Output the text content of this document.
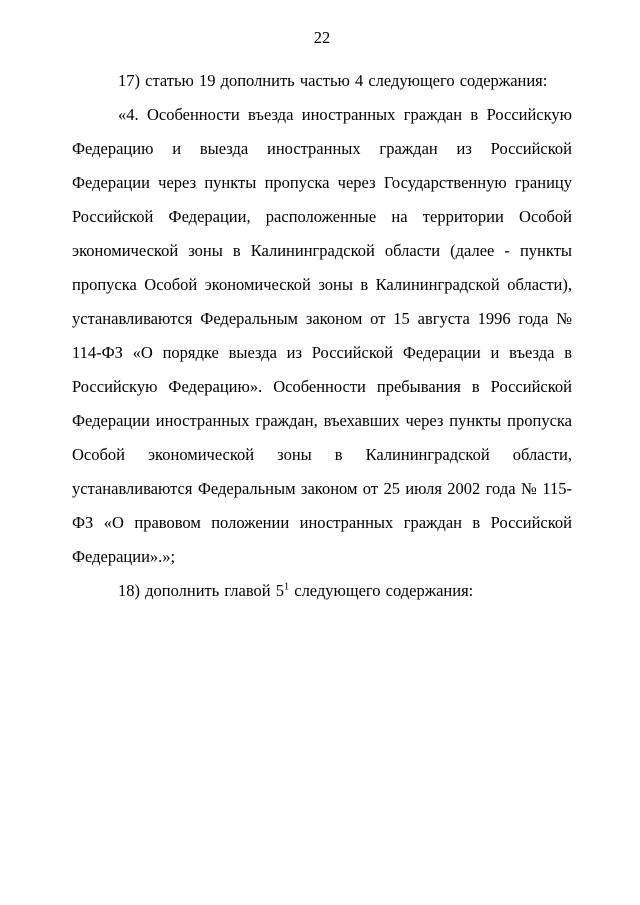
22

17) статью 19 дополнить частью 4 следующего содержания:

«4. Особенности въезда иностранных граждан в Российскую Федерацию и выезда иностранных граждан из Российской Федерации через пункты пропуска через Государственную границу Российской Федерации, расположенные на территории Особой экономической зоны в Калининградской области (далее - пункты пропуска Особой экономической зоны в Калининградской области), устанавливаются Федеральным законом от 15 августа 1996 года № 114-ФЗ «О порядке выезда из Российской Федерации и въезда в Российскую Федерацию». Особенности пребывания в Российской Федерации иностранных граждан, въехавших через пункты пропуска Особой экономической зоны в Калининградской области, устанавливаются Федеральным законом от 25 июля 2002 года № 115-ФЗ «О правовом положении иностранных граждан в Российской Федерации».»;

18) дополнить главой $5^1$ следующего содержания:
